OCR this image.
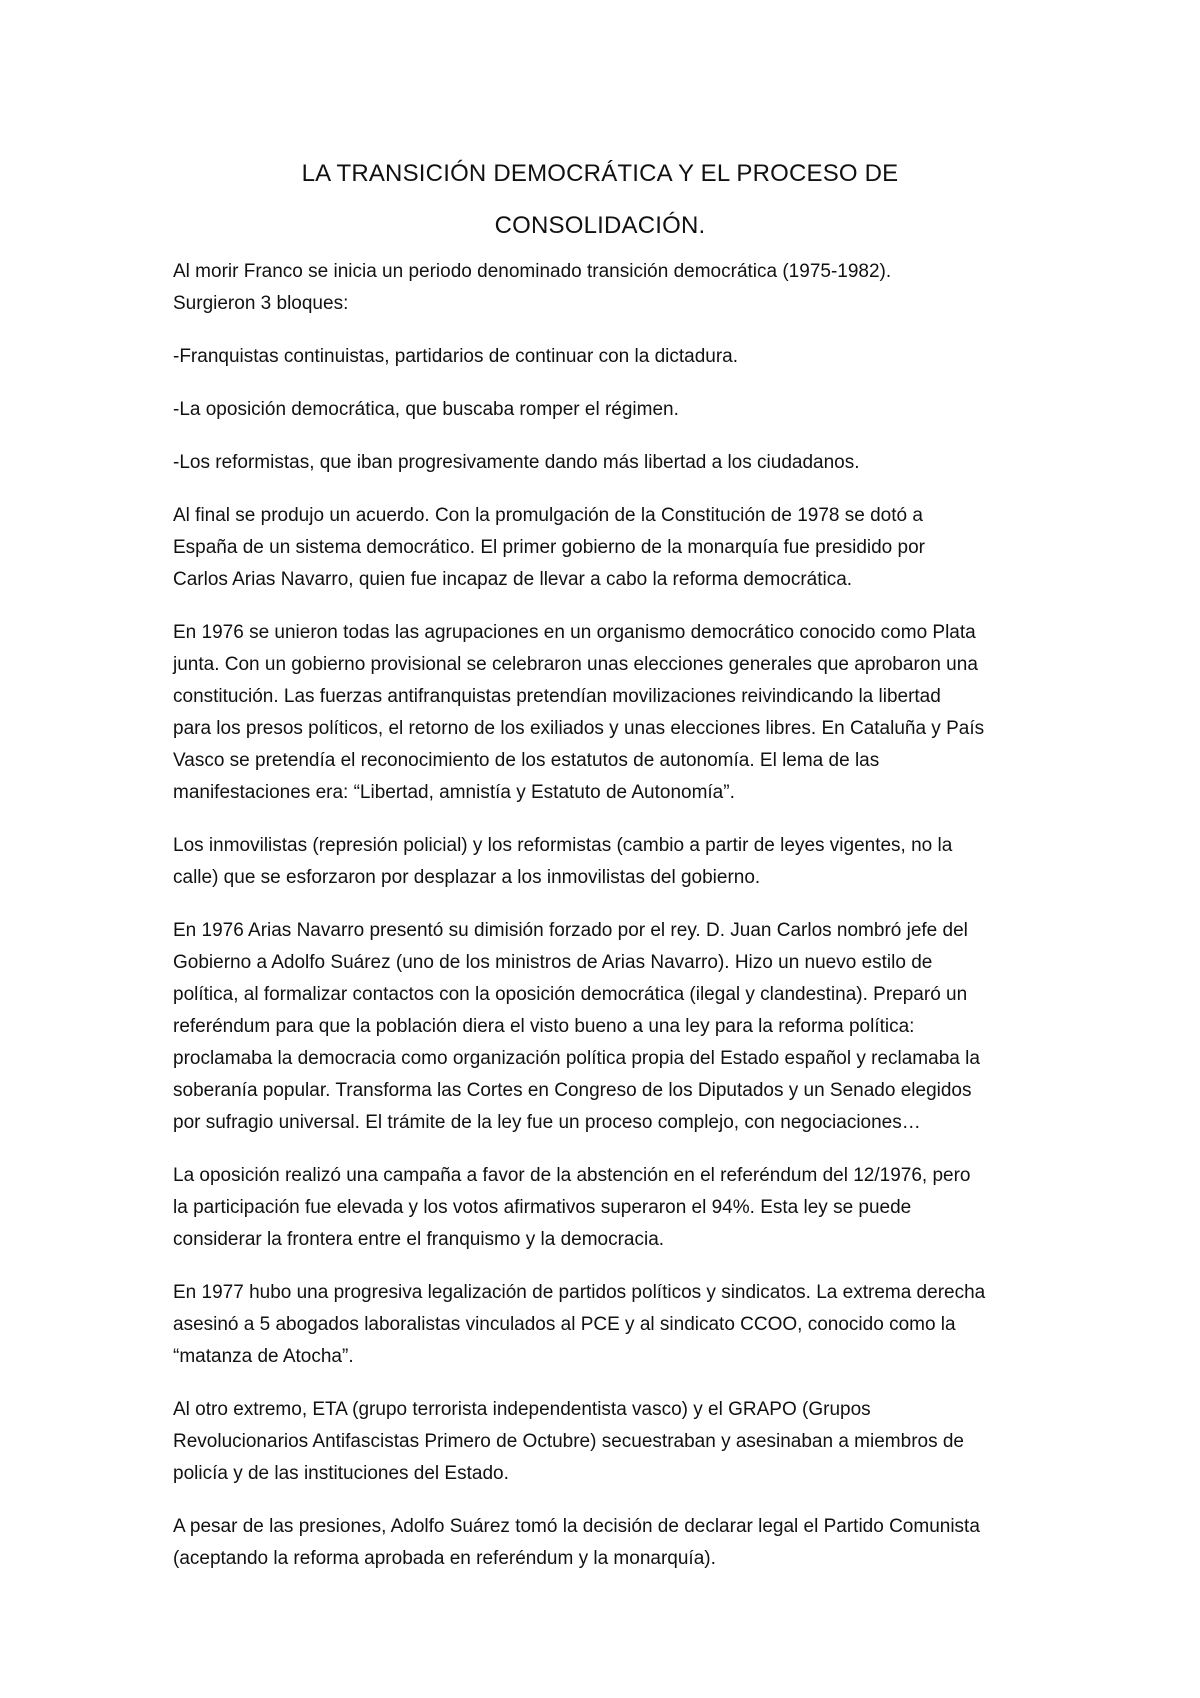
LA TRANSICIÓN DEMOCRÁTICA Y EL PROCESO DE
CONSOLIDACIÓN.

Al morir Franco se inicia un periodo denominado transición democrática (1975-1982).
Surgieron 3 bloques:

-Franquistas continuistas, partidarios de continuar con la dictadura.

-La oposición democrática, que buscaba romper el régimen.

-Los reformistas, que iban progresivamente dando más libertad a los ciudadanos.

Al final se produjo un acuerdo. Con la promulgación de la Constitución de 1978 se dotó a
España de un sistema democrático. El primer gobierno de la monarquía fue presidido por
Carlos Arias Navarro, quien fue incapaz de llevar a cabo la reforma democrática.

En 1976 se unieron todas las agrupaciones en un organismo democrático conocido como Plata
junta. Con un gobierno provisional se celebraron unas elecciones generales que aprobaron una
constitución. Las fuerzas antifranquistas pretendían movilizaciones reivindicando la libertad
para los presos políticos, el retorno de los exiliados y unas elecciones libres. En Cataluña y País
Vasco se pretendía el reconocimiento de los estatutos de autonomía. El lema de las
manifestaciones era: “Libertad, amnistía y Estatuto de Autonomía”.

Los inmovilistas (represión policial) y los reformistas (cambio a partir de leyes vigentes, no la
calle) que se esforzaron por desplazar a los inmovilistas del gobierno.

En 1976 Arias Navarro presentó su dimisión forzado por el rey. D. Juan Carlos nombró jefe del
Gobierno a Adolfo Suárez (uno de los ministros de Arias Navarro). Hizo un nuevo estilo de
política, al formalizar contactos con la oposición democrática (ilegal y clandestina). Preparó un
referéndum para que la población diera el visto bueno a una ley para la reforma política:
proclamaba la democracia como organización política propia del Estado español y reclamaba la
soberanía popular. Transforma las Cortes en Congreso de los Diputados y un Senado elegidos
por sufragio universal. El trámite de la ley fue un proceso complejo, con negociaciones…

La oposición realizó una campaña a favor de la abstención en el referéndum del 12/1976, pero
la participación fue elevada y los votos afirmativos superaron el 94%. Esta ley se puede
considerar la frontera entre el franquismo y la democracia.

En 1977 hubo una progresiva legalización de partidos políticos y sindicatos. La extrema derecha
asesinó a 5 abogados laboralistas vinculados al PCE y al sindicato CCOO, conocido como la
“matanza de Atocha”.

Al otro extremo, ETA (grupo terrorista independentista vasco) y el GRAPO (Grupos
Revolucionarios Antifascistas Primero de Octubre) secuestraban y asesinaban a miembros de
policía y de las instituciones del Estado.

A pesar de las presiones, Adolfo Suárez tomó la decisión de declarar legal el Partido Comunista
(aceptando la reforma aprobada en referéndum y la monarquía).
